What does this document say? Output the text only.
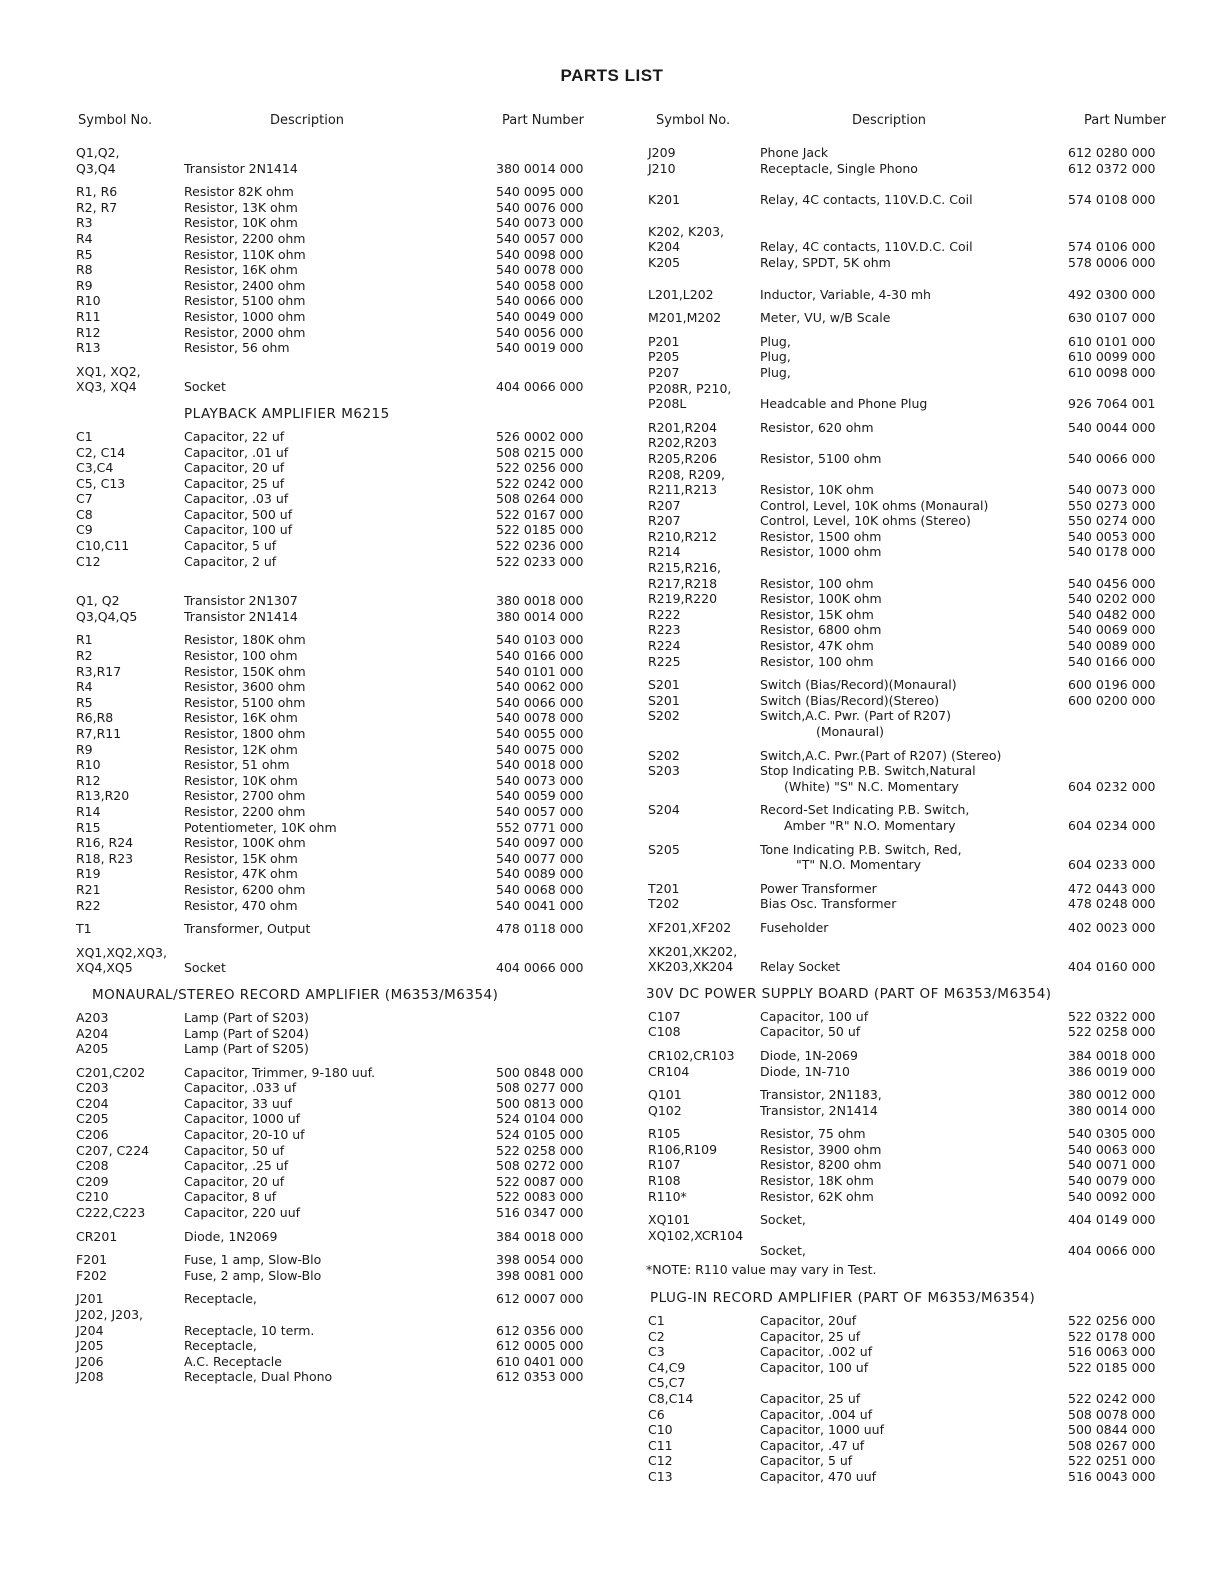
PARTS LIST
Symbol No.	Description	Part Number
Q1,Q2,
Q3,Q4	Transistor 2N1414	380 0014 000
R1, R6	Resistor 82K ohm	540 0095 000
R2, R7	Resistor, 13K ohm	540 0076 000
R3	Resistor, 10K ohm	540 0073 000
R4	Resistor, 2200 ohm	540 0057 000
R5	Resistor, 110K ohm	540 0098 000
R8	Resistor, 16K ohm	540 0078 000
R9	Resistor, 2400 ohm	540 0058 000
R10	Resistor, 5100 ohm	540 0066 000
R11	Resistor, 1000 ohm	540 0049 000
R12	Resistor, 2000 ohm	540 0056 000
R13	Resistor, 56 ohm	540 0019 000
XQ1, XQ2,
XQ3, XQ4	Socket	404 0066 000
PLAYBACK AMPLIFIER M6215
C1	Capacitor, 22 uf	526 0002 000
C2, C14	Capacitor, .01 uf	508 0215 000
C3,C4	Capacitor, 20 uf	522 0256 000
C5, C13	Capacitor, 25 uf	522 0242 000
C7	Capacitor, .03 uf	508 0264 000
C8	Capacitor, 500 uf	522 0167 000
C9	Capacitor, 100 uf	522 0185 000
C10,C11	Capacitor, 5 uf	522 0236 000
C12	Capacitor, 2 uf	522 0233 000
Q1, Q2	Transistor 2N1307	380 0018 000
Q3,Q4,Q5	Transistor 2N1414	380 0014 000
R1	Resistor, 180K ohm	540 0103 000
R2	Resistor, 100 ohm	540 0166 000
R3,R17	Resistor, 150K ohm	540 0101 000
R4	Resistor, 3600 ohm	540 0062 000
R5	Resistor, 5100 ohm	540 0066 000
R6,R8	Resistor, 16K ohm	540 0078 000
R7,R11	Resistor, 1800 ohm	540 0055 000
R9	Resistor, 12K ohm	540 0075 000
R10	Resistor, 51 ohm	540 0018 000
R12	Resistor, 10K ohm	540 0073 000
R13,R20	Resistor, 2700 ohm	540 0059 000
R14	Resistor, 2200 ohm	540 0057 000
R15	Potentiometer, 10K ohm	552 0771 000
R16, R24	Resistor, 100K ohm	540 0097 000
R18, R23	Resistor, 15K ohm	540 0077 000
R19	Resistor, 47K ohm	540 0089 000
R21	Resistor, 6200 ohm	540 0068 000
R22	Resistor, 470 ohm	540 0041 000
T1	Transformer, Output	478 0118 000
XQ1,XQ2,XQ3,
XQ4,XQ5	Socket	404 0066 000
MONAURAL/STEREO RECORD AMPLIFIER (M6353/M6354)
A203	Lamp (Part of S203)
A204	Lamp (Part of S204)
A205	Lamp (Part of S205)
C201,C202	Capacitor, Trimmer, 9-180 uuf.	500 0848 000
C203	Capacitor, .033 uf	508 0277 000
C204	Capacitor, 33 uuf	500 0813 000
C205	Capacitor, 1000 uf	524 0104 000
C206	Capacitor, 20-10 uf	524 0105 000
C207, C224	Capacitor, 50 uf	522 0258 000
C208	Capacitor, .25 uf	508 0272 000
C209	Capacitor, 20 uf	522 0087 000
C210	Capacitor, 8 uf	522 0083 000
C222,C223	Capacitor, 220 uuf	516 0347 000
CR201	Diode, 1N2069	384 0018 000
F201	Fuse, 1 amp, Slow-Blo	398 0054 000
F202	Fuse, 2 amp, Slow-Blo	398 0081 000
J201	Receptacle,	612 0007 000
J202, J203,
J204	Receptacle, 10 term.	612 0356 000
J205	Receptacle,	612 0005 000
J206	A.C. Receptacle	610 0401 000
J208	Receptacle, Dual Phono	612 0353 000
Symbol No.	Description	Part Number
J209	Phone Jack	612 0280 000
J210	Receptacle, Single Phono	612 0372 000
K201	Relay, 4C contacts, 110V.D.C. Coil	574 0108 000
K202, K203,
K204	Relay, 4C contacts, 110V.D.C. Coil	574 0106 000
K205	Relay, SPDT, 5K ohm	578 0006 000
L201,L202	Inductor, Variable, 4-30 mh	492 0300 000
M201,M202	Meter, VU, w/B Scale	630 0107 000
P201	Plug,	610 0101 000
P205	Plug,	610 0099 000
P207	Plug,	610 0098 000
P208R, P210,
P208L	Headcable and Phone Plug	926 7064 001
R201,R204	Resistor, 620 ohm	540 0044 000
R202,R203
R205,R206	Resistor, 5100 ohm	540 0066 000
R208, R209,
R211,R213	Resistor, 10K ohm	540 0073 000
R207	Control, Level, 10K ohms (Monaural)	550 0273 000
R207	Control, Level, 10K ohms (Stereo)	550 0274 000
R210,R212	Resistor, 1500 ohm	540 0053 000
R214	Resistor, 1000 ohm	540 0178 000
R215,R216,
R217,R218	Resistor, 100 ohm	540 0456 000
R219,R220	Resistor, 100K ohm	540 0202 000
R222	Resistor, 15K ohm	540 0482 000
R223	Resistor, 6800 ohm	540 0069 000
R224	Resistor, 47K ohm	540 0089 000
R225	Resistor, 100 ohm	540 0166 000
S201	Switch (Bias/Record)(Monaural)	600 0196 000
S201	Switch (Bias/Record)(Stereo)	600 0200 000
S202	Switch,A.C. Pwr. (Part of R207)
(Monaural)
S202	Switch,A.C. Pwr.(Part of R207) (Stereo)
S203	Stop Indicating P.B. Switch,Natural
(White) "S" N.C. Momentary	604 0232 000
S204	Record-Set Indicating P.B. Switch,
Amber "R" N.O. Momentary	604 0234 000
S205	Tone Indicating P.B. Switch, Red,
"T" N.O. Momentary	604 0233 000
T201	Power Transformer	472 0443 000
T202	Bias Osc. Transformer	478 0248 000
XF201,XF202 Fuseholder	402 0023 000
XK201,XK202,
XK203,XK204 Relay Socket	404 0160 000
30V DC POWER SUPPLY BOARD (PART OF M6353/M6354)
C107	Capacitor, 100 uf	522 0322 000
C108	Capacitor, 50 uf	522 0258 000
CR102,CR103 Diode, 1N-2069	384 0018 000
CR104	Diode, 1N-710	386 0019 000
Q101	Transistor, 2N1183,	380 0012 000
Q102	Transistor, 2N1414	380 0014 000
R105	Resistor, 75 ohm	540 0305 000
R106,R109	Resistor, 3900 ohm	540 0063 000
R107	Resistor, 8200 ohm	540 0071 000
R108	Resistor, 18K ohm	540 0079 000
R110*	Resistor, 62K ohm	540 0092 000
XQ101	Socket,	404 0149 000
XQ102,XCR104
Socket,	404 0066 000
*NOTE: R110 value may vary in Test.
PLUG-IN RECORD AMPLIFIER (PART OF M6353/M6354)
C1	Capacitor, 20uf	522 0256 000
C2	Capacitor, 25 uf	522 0178 000
C3	Capacitor, .002 uf	516 0063 000
C4,C9	Capacitor, 100 uf	522 0185 000
C5,C7
C8,C14	Capacitor, 25 uf	522 0242 000
C6	Capacitor, .004 uf	508 0078 000
C10	Capacitor, 1000 uuf	500 0844 000
C11	Capacitor, .47 uf	508 0267 000
C12	Capacitor, 5 uf	522 0251 000
C13	Capacitor, 470 uuf	516 0043 000
